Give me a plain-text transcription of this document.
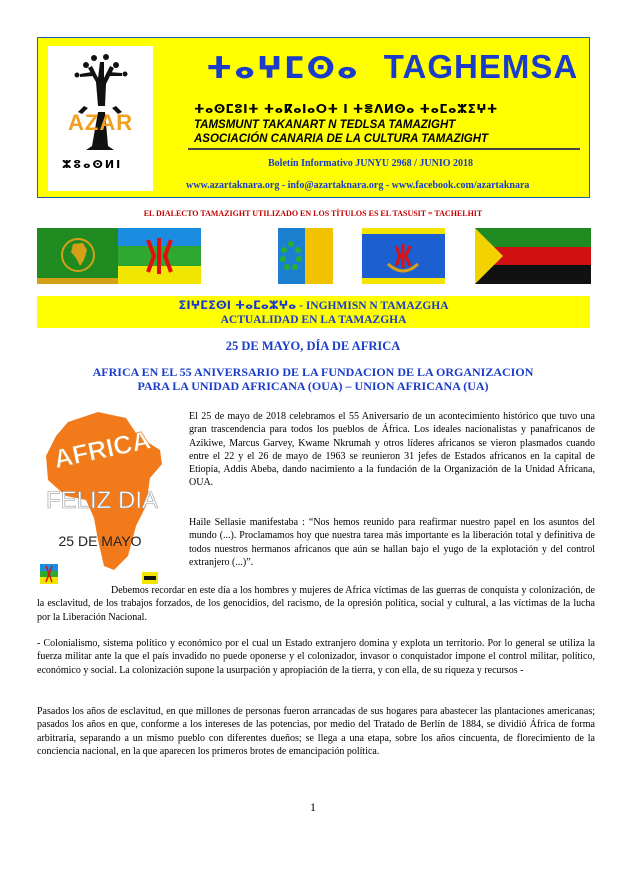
AZAR
ⵣⵓⴰⵙⵍⵏ
ⵜⴰⵖⵎⵙⴰ TAGHEMSA
ⵜⴰⵙⵎⵓⵏⵜ ⵜⴰⴽⴰⵏⴰⵔⵜ ⵏ ⵜⴻⴷⵍⵙⴰ ⵜⴰⵎⴰⵣⵉⵖⵜ
TAMSMUNT TAKANART N TEDLSA TAMAZIGHT
ASOCIACIÓN CANARIA DE LA CULTURA TAMAZIGHT
Boletín Informativo JUNYU 2968 / JUNIO 2018
www.azartaknara.org - info@azartaknara.org - www.facebook.com/azartaknara
EL DIALECTO TAMAZIGHT UTILIZADO EN LOS TÍTULOS ES EL TASUSIT = TACHELHIT
ⵉⵏⵖⵎⵉⵙⵏ ⵜⴰⵎⴰⵣⵖⴰ - INGHMISN N TAMAZGHA
ACTUALIDAD EN LA TAMAZGHA
25 DE MAYO, DÍA DE AFRICA
AFRICA EN EL 55 ANIVERSARIO DE LA FUNDACION DE LA ORGANIZACION
PARA LA UNIDAD AFRICANA (OUA) – UNION AFRICANA (UA)
AFRICA
FELIZ DIA
25 DE MAYO
El 25 de mayo de 2018 celebramos el 55 Aniversario de un acontecimiento histórico que tuvo una gran trascendencia para todos los pueblos de África. Los ideales nacionalistas y panafricanos de Azikiwe, Marcus Garvey, Kwame Nkrumah y otros líderes africanos se vieron plasmados cuando entre el 22 y el 26 de mayo de 1963 se reunieron 31 jefes de Estados africanos en la capital de Etiopía, Addis Abeba, dando nacimiento a la fundación de la Organización de la Unidad Africana, OUA.
Haile Sellasie manifestaba : “Nos hemos reunido para reafirmar nuestro papel en los asuntos del mundo (...). Proclamamos hoy que nuestra tarea más importante es la liberación total y definitiva de todos nuestros hermanos africanos que aún se hallan bajo el yugo de la explotación y del control extranjero (...)”.
Debemos recordar en este día a los hombres y mujeres de Africa víctimas de las guerras de conquista y colonización, de la esclavitud, de los trabajos forzados, de los genocidios, del racismo, de la opresión política, social y cultural, a las víctimas de la lucha por la Liberación Nacional.
- Colonialismo, sistema político y económico por el cual un Estado extranjero domina y explota un territorio. Por lo general se utiliza la fuerza militar ante la que el país invadido no puede oponerse y el colonizador, invasor o conquistador impone el control militar, político, económico y social. La colonización supone la usurpación y apropiación de la tierra, y con ella, de su riqueza y recursos -
Pasados los años de esclavitud, en que millones de personas fueron arrancadas de sus hogares para abastecer las plantaciones americanas; pasados los años en que, conforme a los intereses de las potencias, por medio del Tratado de Berlín de 1884, se dividió África de forma arbitraria, separando a un mismo pueblo con diferentes dueños; se llega a una etapa, sobre los años cincuenta, de florecimiento de la conciencia nacional, en la que aparecen los primeros brotes de emancipación política.
1
